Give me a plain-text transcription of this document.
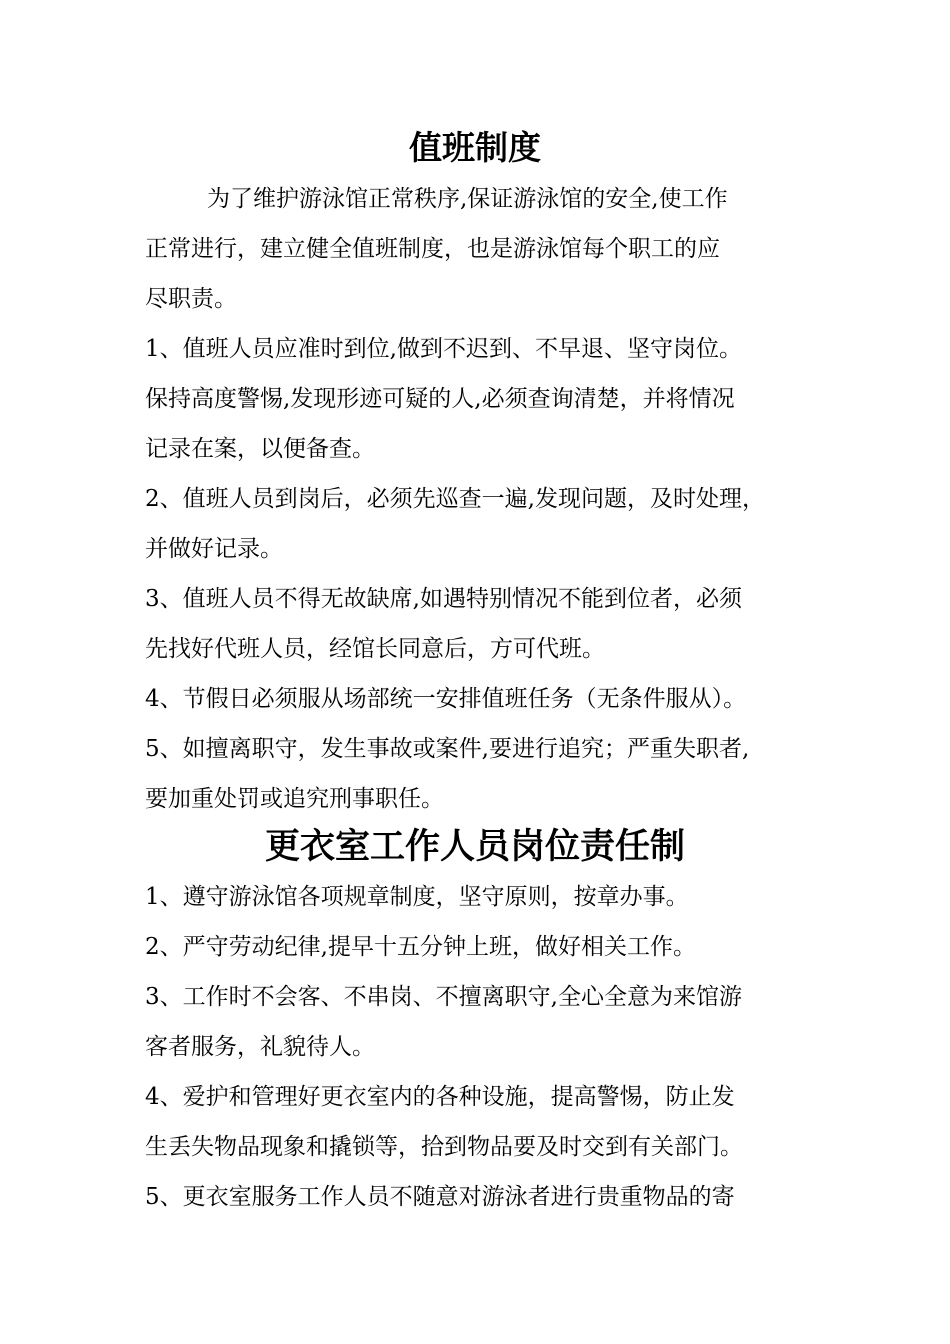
值班制度
为了维护游泳馆正常秩序,保证游泳馆的安全,使工作
正常进行，建立健全值班制度，也是游泳馆每个职工的应
尽职责。
1、值班人员应准时到位,做到不迟到、不早退、坚守岗位。
保持高度警惕,发现形迹可疑的人,必须查询清楚，并将情况
记录在案，以便备查。
2、值班人员到岗后，必须先巡查一遍,发现问题，及时处理，
并做好记录。
3、值班人员不得无故缺席,如遇特别情况不能到位者，必须
先找好代班人员，经馆长同意后，方可代班。
4、节假日必须服从场部统一安排值班任务（无条件服从）。
5、如擅离职守，发生事故或案件,要进行追究；严重失职者,
要加重处罚或追究刑事职任。
更衣室工作人员岗位责任制
1、遵守游泳馆各项规章制度，坚守原则，按章办事。
2、严守劳动纪律,提早十五分钟上班，做好相关工作。
3、工作时不会客、不串岗、不擅离职守,全心全意为来馆游
客者服务，礼貌待人。
4、爱护和管理好更衣室内的各种设施，提高警惕，防止发
生丢失物品现象和撬锁等，拾到物品要及时交到有关部门。
5、更衣室服务工作人员不随意对游泳者进行贵重物品的寄
